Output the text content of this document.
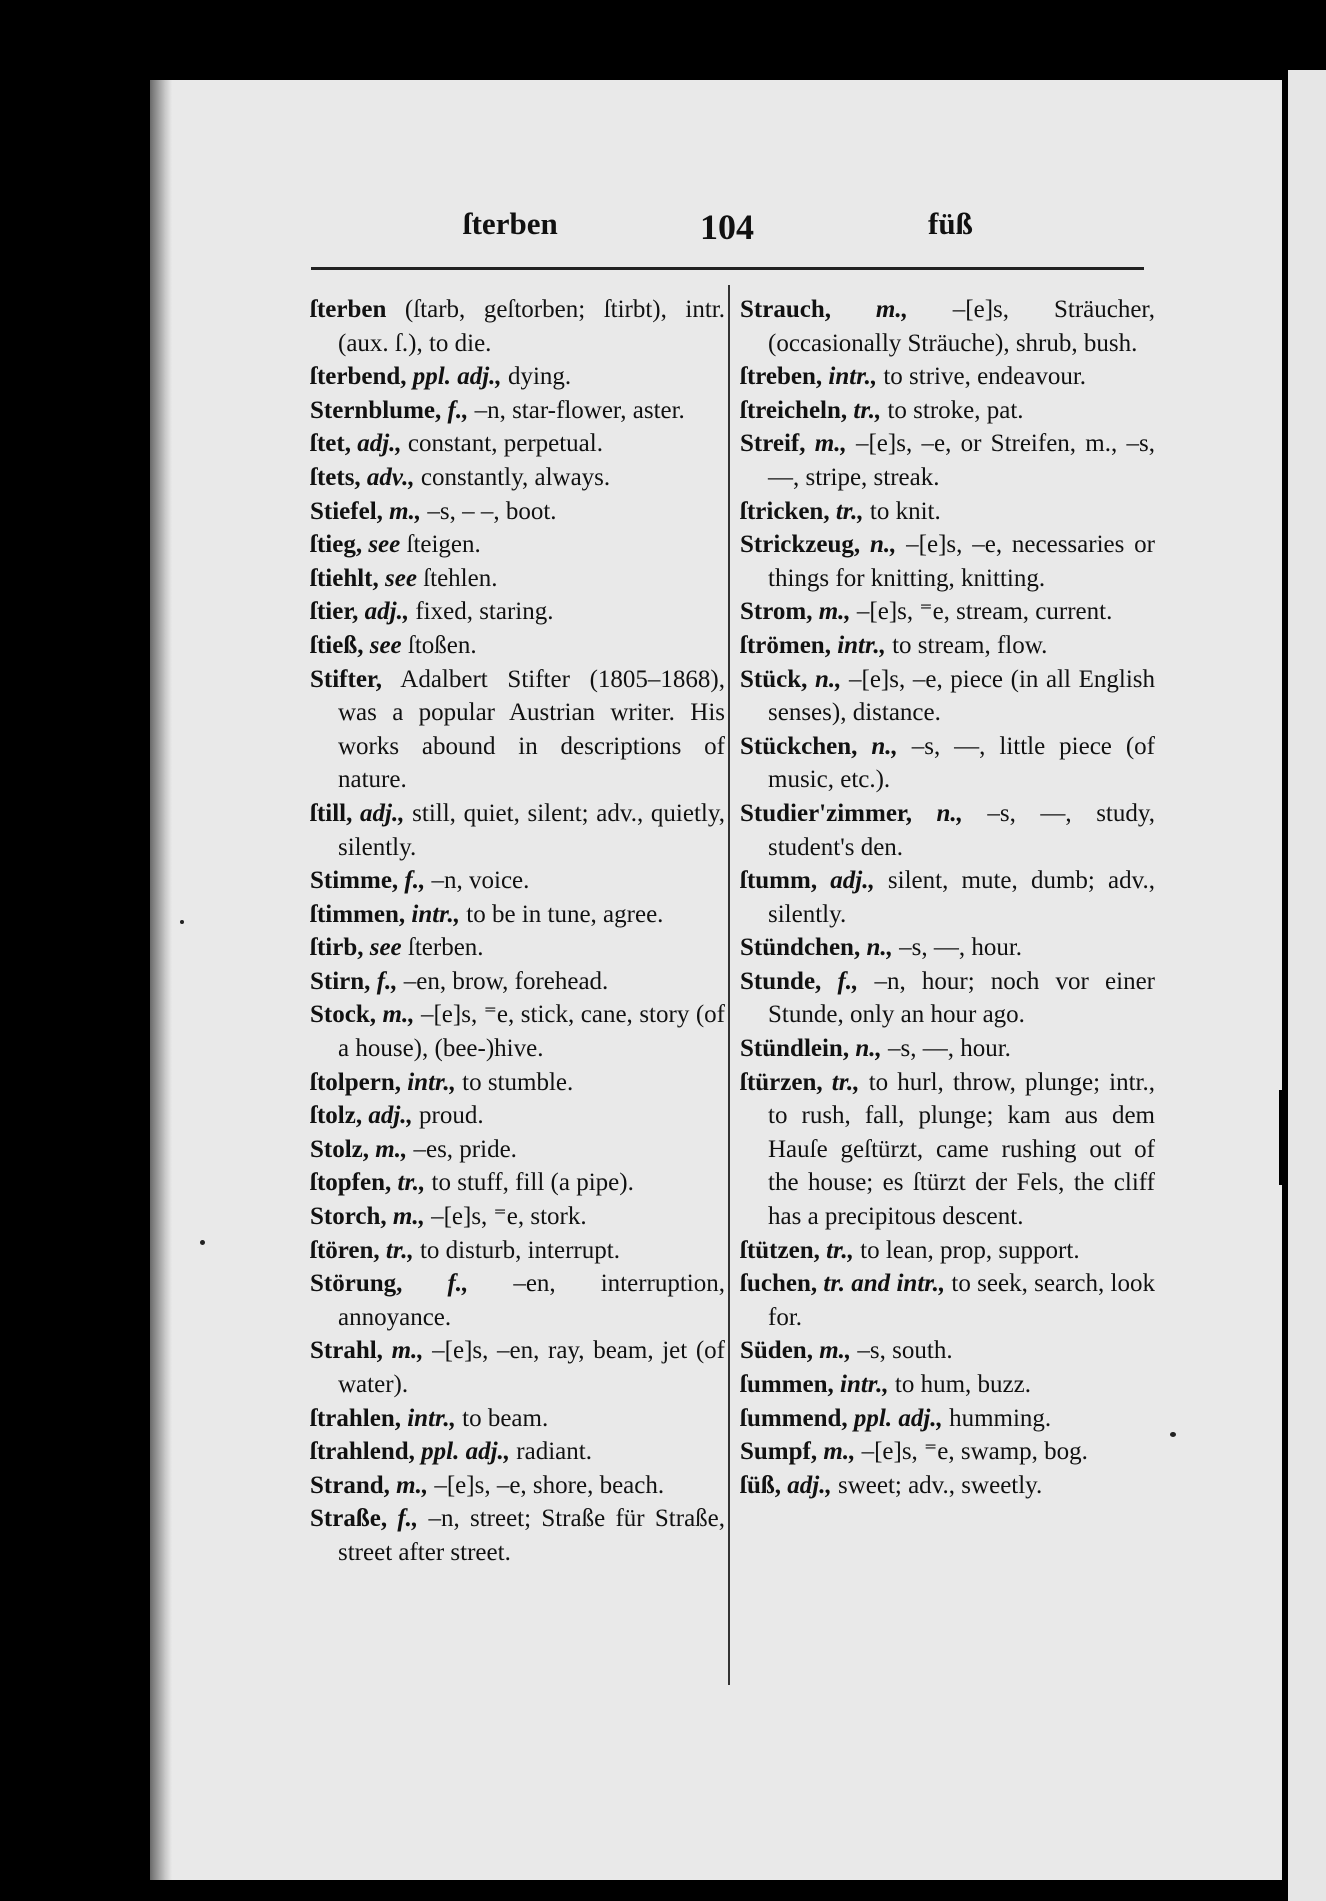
ſterben	104	füß

ſterben (ſtarb, geſtorben; ſtirbt), intr. (aux. ſ.), to die.

ſterbend, ppl. adj., dying.

Sternblume, f., –n, star-flower, aster.

ſtet, adj., constant, perpetual.

ſtets, adv., constantly, always.

Stiefel, m., –s, – –, boot.

ſtieg, see ſteigen.

ſtiehlt, see ſtehlen.

ſtier, adj., fixed, staring.

ſtieß, see ſtoßen.

Stifter, Adalbert Stifter (1805–1868), was a popular Austrian writer. His works abound in descriptions of nature.

ſtill, adj., still, quiet, silent; adv., quietly, silently.

Stimme, f., –n, voice.

ſtimmen, intr., to be in tune, agree.

ſtirb, see ſterben.

Stirn, f., –en, brow, forehead.

Stock, m., –[e]s, ⁼e, stick, cane, story (of a house), (bee-)hive.

ſtolpern, intr., to stumble.

ſtolz, adj., proud.

Stolz, m., –es, pride.

ſtopfen, tr., to stuff, fill (a pipe).

Storch, m., –[e]s, ⁼e, stork.

ſtören, tr., to disturb, interrupt.

Störung, f., –en, interruption, annoyance.

Strahl, m., –[e]s, –en, ray, beam, jet (of water).

ſtrahlen, intr., to beam.

ſtrahlend, ppl. adj., radiant.

Strand, m., –[e]s, –e, shore, beach.

Straße, f., –n, street; Straße für Straße, street after street.

Strauch, m., –[e]s, Sträucher, (occasionally Sträuche), shrub, bush.

ſtreben, intr., to strive, endeavour.

ſtreicheln, tr., to stroke, pat.

Streif, m., –[e]s, –e, or Streifen, m., –s, —, stripe, streak.

ſtricken, tr., to knit.

Strickzeug, n., –[e]s, –e, necessaries or things for knitting, knitting.

Strom, m., –[e]s, ⁼e, stream, current.

ſtrömen, intr., to stream, flow.

Stück, n., –[e]s, –e, piece (in all English senses), distance.

Stückchen, n., –s, —, little piece (of music, etc.).

Studier'zimmer, n., –s, —, study, student's den.

ſtumm, adj., silent, mute, dumb; adv., silently.

Stündchen, n., –s, —, hour.

Stunde, f., –n, hour; noch vor einer Stunde, only an hour ago.

Stündlein, n., –s, —, hour.

ſtürzen, tr., to hurl, throw, plunge; intr., to rush, fall, plunge; kam aus dem Hauſe geſtürzt, came rushing out of the house; es ſtürzt der Fels, the cliff has a precipitous descent.

ſtützen, tr., to lean, prop, support.

ſuchen, tr. and intr., to seek, search, look for.

Süden, m., –s, south.

ſummen, intr., to hum, buzz.

ſummend, ppl. adj., humming.

Sumpf, m., –[e]s, ⁼e, swamp, bog.

ſüß, adj., sweet; adv., sweetly.
